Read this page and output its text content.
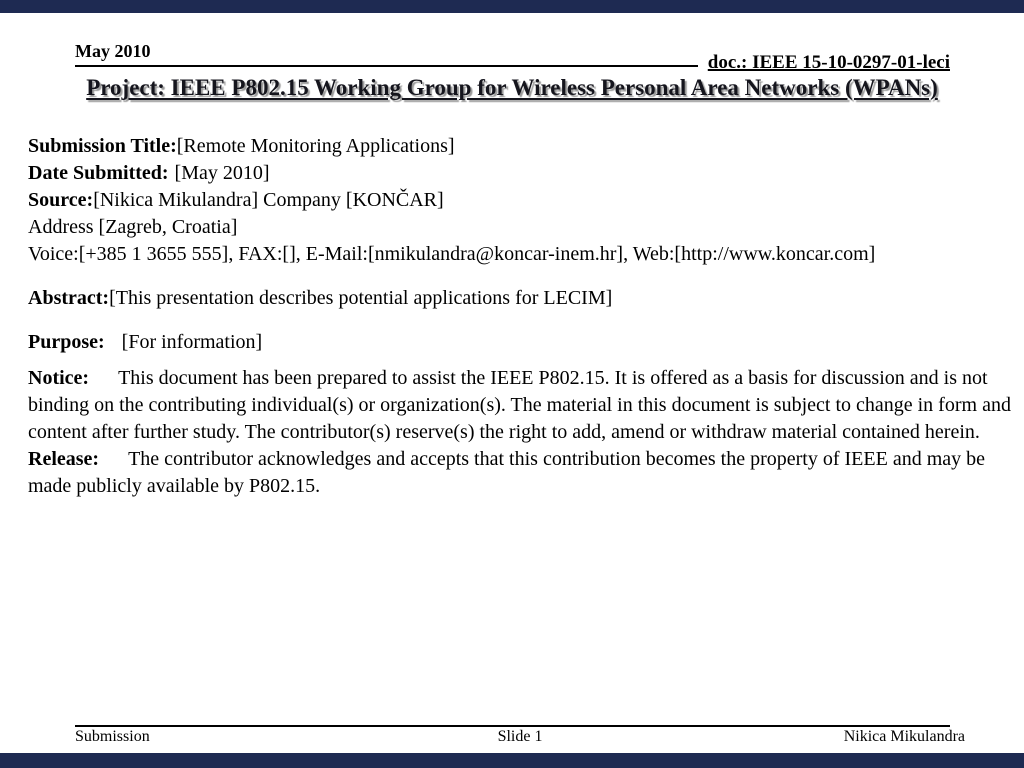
May 2010
doc.: IEEE 15-10-0297-01-leci
Project: IEEE P802.15 Working Group for Wireless Personal Area Networks (WPANs)

Submission Title:[Remote Monitoring Applications]

Date Submitted: [May 2010]

Source:[Nikica Mikulandra] Company [KONČAR]

Address [Zagreb, Croatia]

Voice:[+385 1 3655 555], FAX:[], E-Mail:[nmikulandra@koncar-inem.hr], Web:[http://www.koncar.com]

Abstract:[This presentation describes potential applications for LECIM]

Purpose: [For information]

Notice: This document has been prepared to assist the IEEE P802.15. It is offered as a basis for discussion and is not binding on the contributing individual(s) or organization(s). The material in this document is subject to change in form and content after further study. The contributor(s) reserve(s) the right to add, amend or withdraw material contained herein.

Release: The contributor acknowledges and accepts that this contribution becomes the property of IEEE and may be made publicly available by P802.15.

Submission	Slide 1	Nikica Mikulandra
